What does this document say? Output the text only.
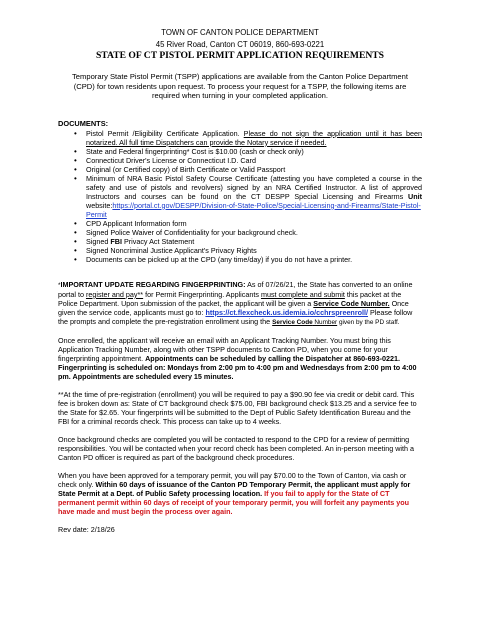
TOWN OF CANTON POLICE DEPARTMENT
45 River Road, Canton CT 06019, 860-693-0221
STATE OF CT PISTOL PERMIT APPLICATION REQUIREMENTS
Temporary State Pistol Permit (TSPP) applications are available from the Canton Police Department (CPD) for town residents upon request. To process your request for a TSPP, the following items are required when turning in your completed application.
DOCUMENTS:
• Pistol Permit /Eligibility Certificate Application. Please do not sign the application until it has been notarized. All full time Dispatchers can provide the Notary service if needed.
• State and Federal fingerprinting* Cost is $10.00 (cash or check only)
• Connecticut Driver's License or Connecticut I.D. Card
• Original (or Certified copy) of Birth Certificate or Valid Passport
• Minimum of NRA Basic Pistol Safety Course Certificate (attesting you have completed a course in the safety and use of pistols and revolvers) signed by an NRA Certified Instructor. A list of approved Instructors and courses can be found on the CT DESPP Special Licensing and Firearms Unit website:https://portal.ct.gov/DESPP/Division-of-State-Police/Special-Licensing-and-Firearms/State-Pistol-Permit
• CPD Applicant Information form
• Signed Police Waiver of Confidentiality for your background check.
• Signed FBI Privacy Act Statement
• Signed Noncriminal Justice Applicant's Privacy Rights
• Documents can be picked up at the CPD (any time/day) if you do not have a printer.

*IMPORTANT UPDATE REGARDING FINGERPRINTING: As of 07/26/21, the State has converted to an online portal to register and pay** for Permit Fingerprinting. Applicants must complete and submit this packet at the Police Department. Upon submission of the packet, the applicant will be given a Service Code Number. Once given the service code, applicants must go to: https://ct.flexcheck.us.idemia.io/cchrspreenroll/ Please follow the prompts and complete the pre-registration enrollment using the Service Code Number given by the PD staff.

Once enrolled, the applicant will receive an email with an Applicant Tracking Number. You must bring this Application Tracking Number, along with other TSPP documents to Canton PD, when you come for your fingerprinting appointment. Appointments can be scheduled by calling the Dispatcher at 860-693-0221. Fingerprinting is scheduled on: Mondays from 2:00 pm to 4:00 pm and Wednesdays from 2:00 pm to 4:00 pm. Appointments are scheduled every 15 minutes.

**At the time of pre-registration (enrollment) you will be required to pay a $90.90 fee via credit or debit card. This fee is broken down as: State of CT background check $75.00, FBI background check $13.25 and a service fee to the State for $2.65. Your fingerprints will be submitted to the Dept of Public Safety Identification Bureau and the FBI for a criminal records check. This process can take up to 4 weeks.

Once background checks are completed you will be contacted to respond to the CPD for a review of permitting responsibilities. You will be contacted when your record check has been completed. An in-person meeting with a Canton PD officer is required as part of the background check procedures.

When you have been approved for a temporary permit, you will pay $70.00 to the Town of Canton, via cash or check only. Within 60 days of issuance of the Canton PD Temporary Permit, the applicant must apply for State Permit at a Dept. of Public Safety processing location. If you fail to apply for the State of CT permanent permit within 60 days of receipt of your temporary permit, you will forfeit any payments you have made and must begin the process over again.

Rev date: 2/18/26
